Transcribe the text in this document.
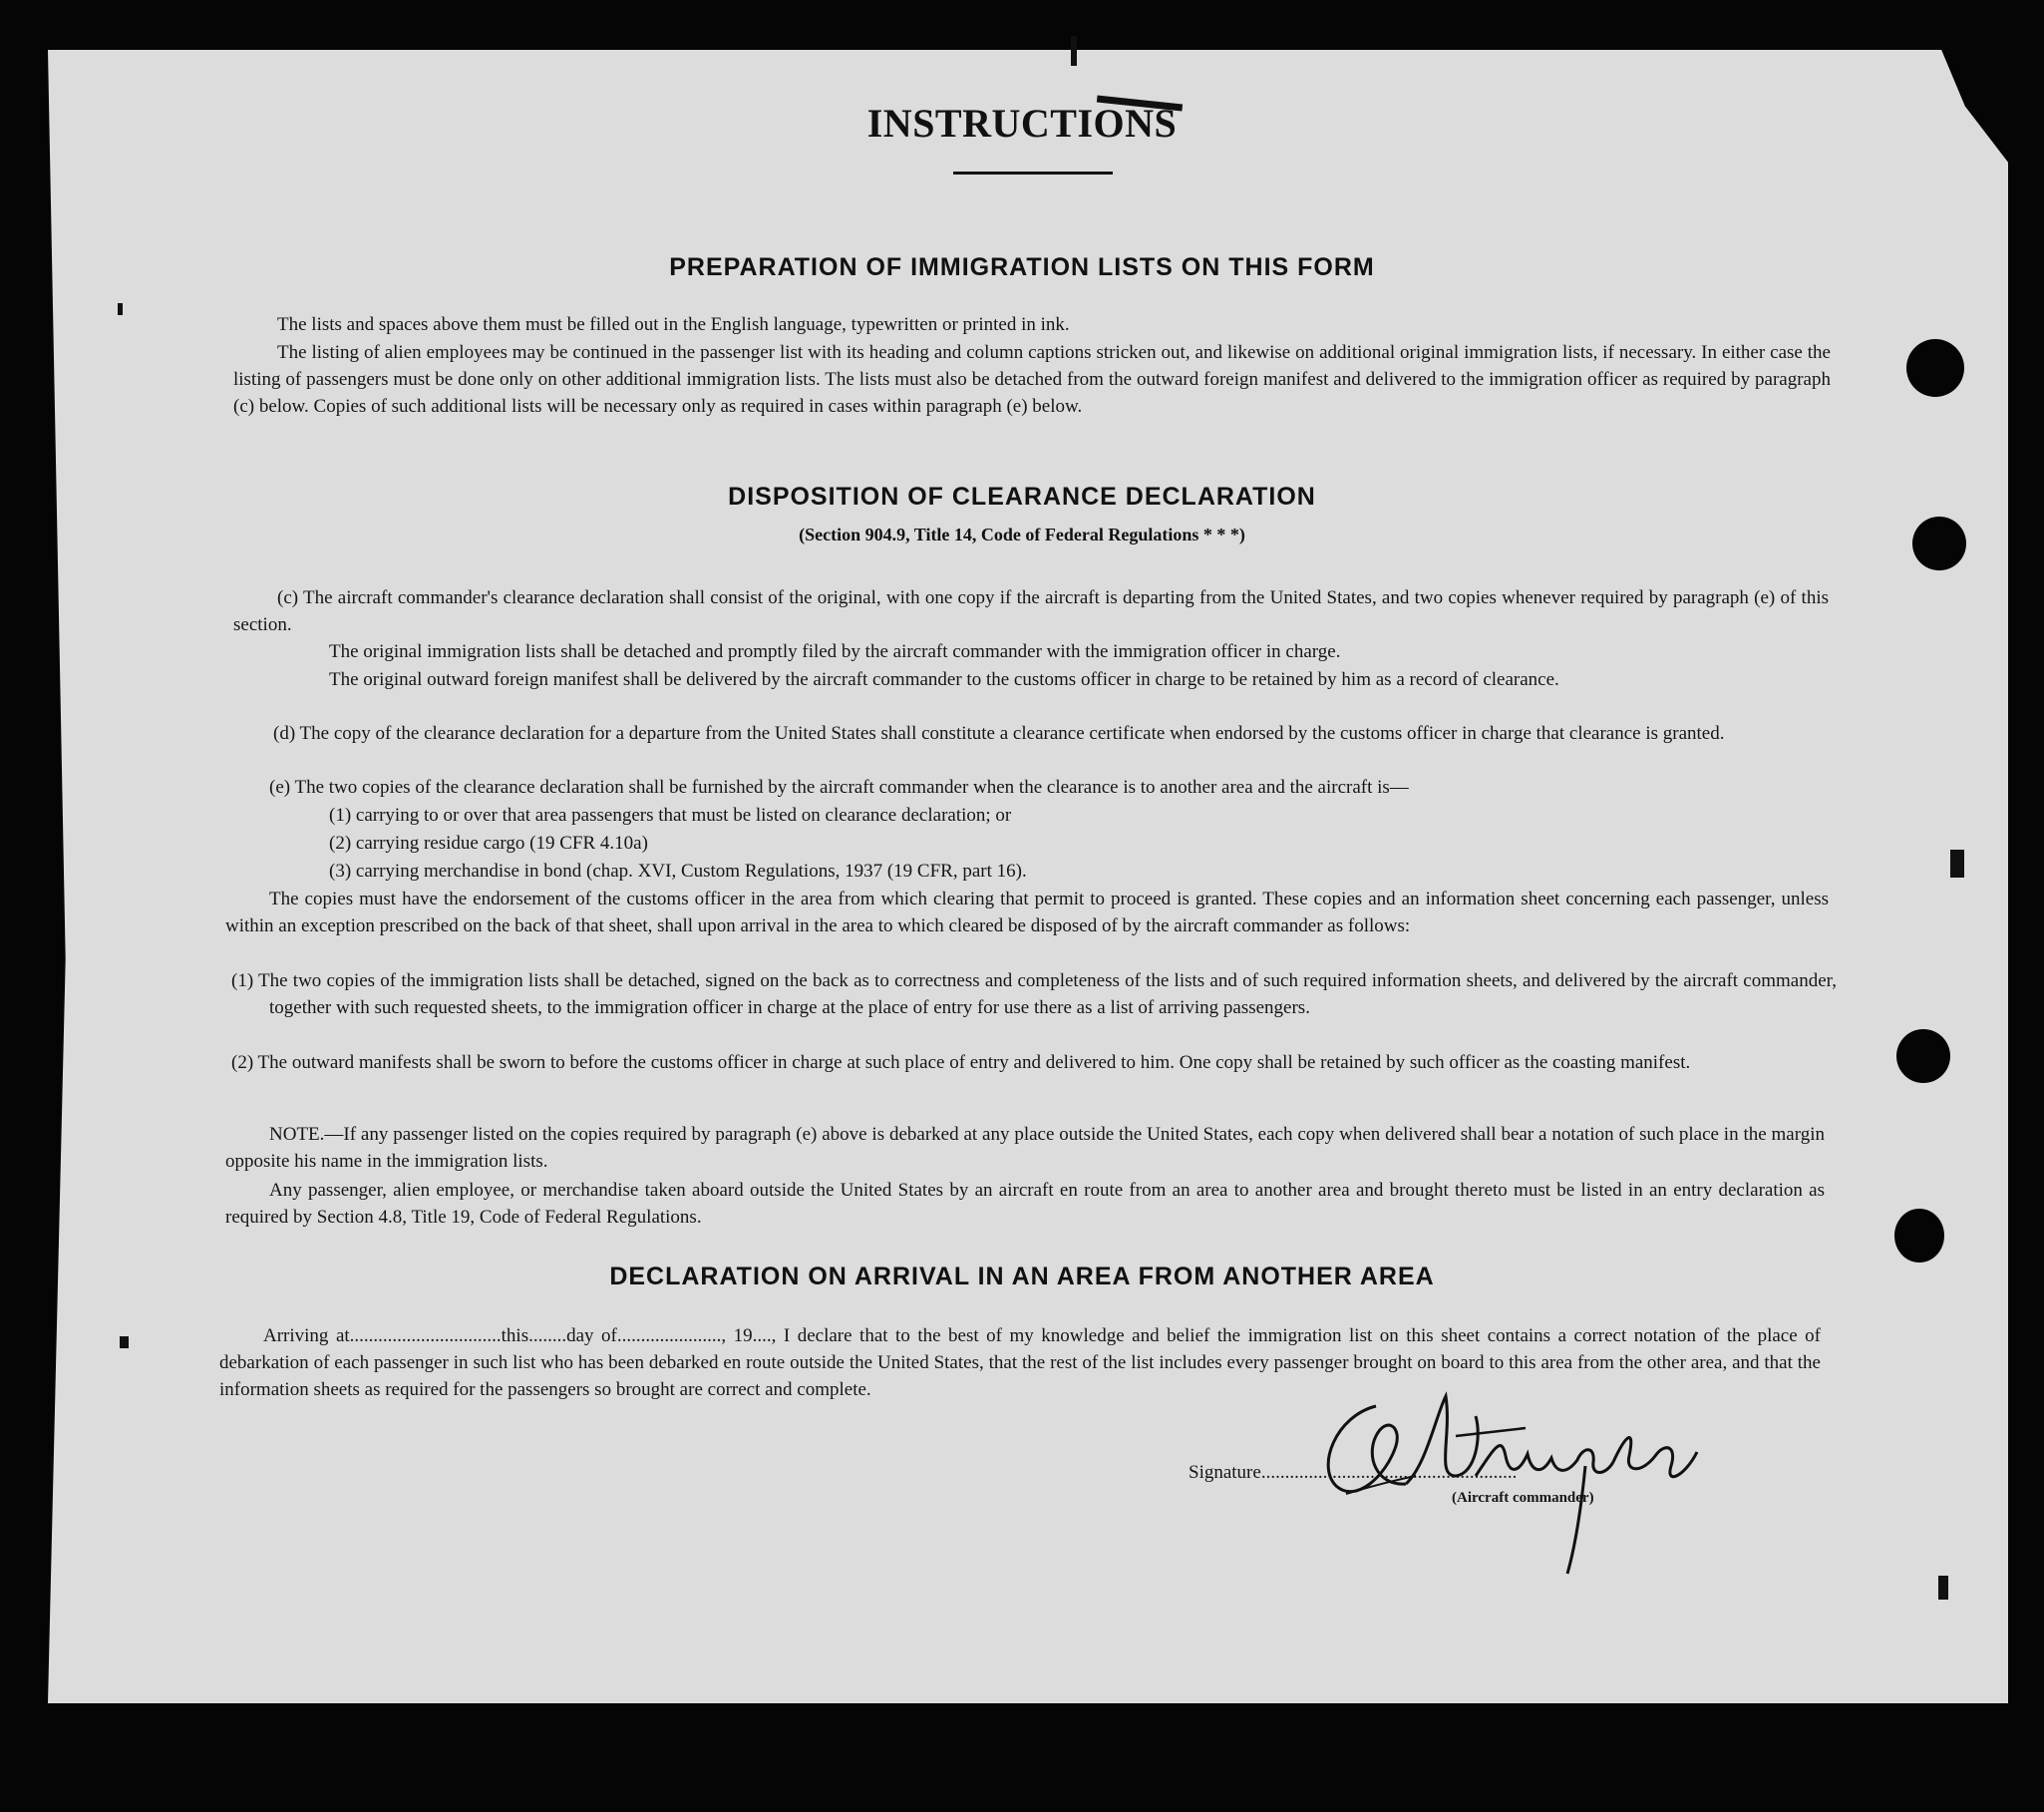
INSTRUCTIONS
PREPARATION OF IMMIGRATION LISTS ON THIS FORM

The lists and spaces above them must be filled out in the English language, typewritten or printed in ink.

The listing of alien employees may be continued in the passenger list with its heading and column captions stricken out, and likewise on additional original immigration lists, if necessary. In either case the listing of passengers must be done only on other additional immigration lists. The lists must also be detached from the outward foreign manifest and delivered to the immigration officer as required by paragraph (c) below. Copies of such additional lists will be necessary only as required in cases within paragraph (e) below.

DISPOSITION OF CLEARANCE DECLARATION
(Section 904.9, Title 14, Code of Federal Regulations * * *)

(c) The aircraft commander's clearance declaration shall consist of the original, with one copy if the aircraft is departing from the United States, and two copies whenever required by paragraph (e) of this section.

The original immigration lists shall be detached and promptly filed by the aircraft commander with the immigration officer in charge.

The original outward foreign manifest shall be delivered by the aircraft commander to the customs officer in charge to be retained by him as a record of clearance.

(d) The copy of the clearance declaration for a departure from the United States shall constitute a clearance certificate when endorsed by the customs officer in charge that clearance is granted.

(e) The two copies of the clearance declaration shall be furnished by the aircraft commander when the clearance is to another area and the aircraft is—

(1) carrying to or over that area passengers that must be listed on clearance declaration; or
(2) carrying residue cargo (19 CFR 4.10a)
(3) carrying merchandise in bond (chap. XVI, Custom Regulations, 1937 (19 CFR, part 16).

The copies must have the endorsement of the customs officer in the area from which clearing that permit to proceed is granted. These copies and an information sheet concerning each passenger, unless within an exception prescribed on the back of that sheet, shall upon arrival in the area to which cleared be disposed of by the aircraft commander as follows:

(1) The two copies of the immigration lists shall be detached, signed on the back as to correctness and completeness of the lists and of such required information sheets, and delivered by the aircraft commander, together with such requested sheets, to the immigration officer in charge at the place of entry for use there as a list of arriving passengers.

(2) The outward manifests shall be sworn to before the customs officer in charge at such place of entry and delivered to him. One copy shall be retained by such officer as the coasting manifest.

NOTE.—If any passenger listed on the copies required by paragraph (e) above is debarked at any place outside the United States, each copy when delivered shall bear a notation of such place in the margin opposite his name in the immigration lists.

Any passenger, alien employee, or merchandise taken aboard outside the United States by an aircraft en route from an area to another area and brought thereto must be listed in an entry declaration as required by Section 4.8, Title 19, Code of Federal Regulations.

DECLARATION ON ARRIVAL IN AN AREA FROM ANOTHER AREA

Arriving at................................this........day of......................, 19...., I declare that to the best of my knowledge and belief the immigration list on this sheet contains a correct notation of the place of debarkation of each passenger in such list who has been debarked en route outside the United States, that the rest of the list includes every passenger brought on board to this area from the other area, and that the information sheets as required for the passengers so brought are correct and complete.

Signature......................................................
(Aircraft commander)
